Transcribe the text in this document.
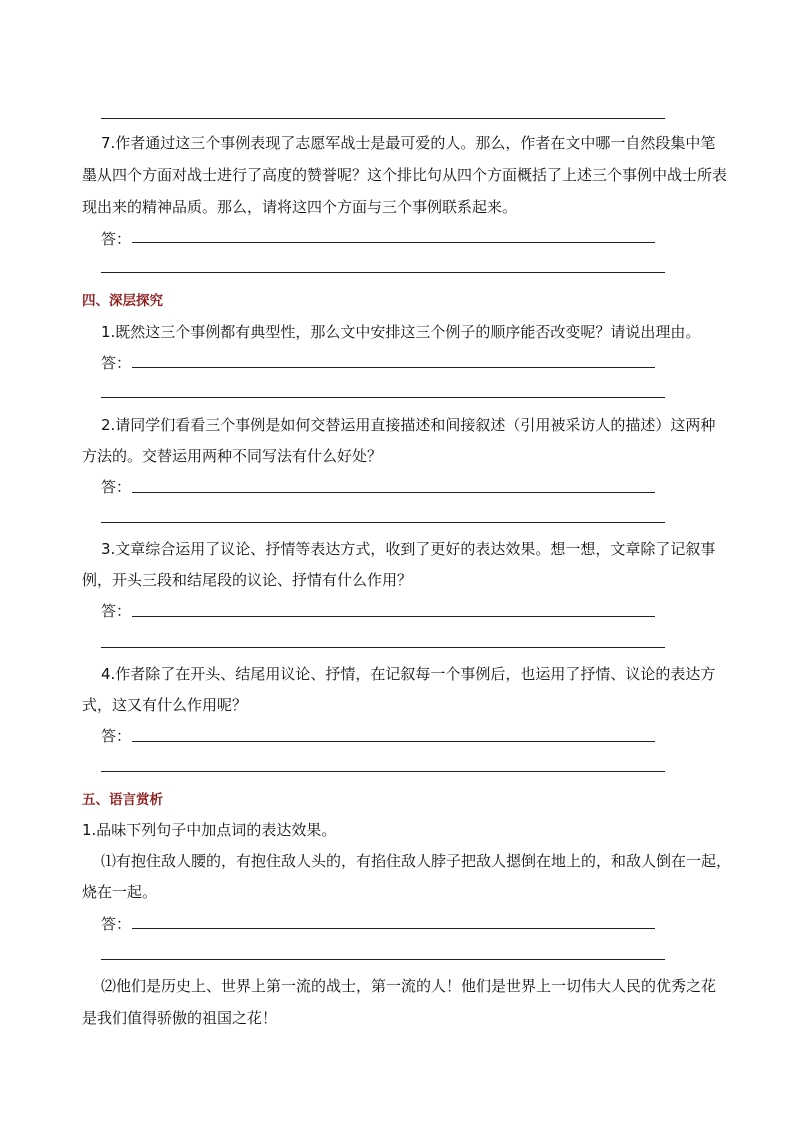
7.作者通过这三个事例表现了志愿军战士是最可爱的人。那么，作者在文中哪一自然段集中笔
墨从四个方面对战士进行了高度的赞誉呢？这个排比句从四个方面概括了上述三个事例中战士所表
现出来的精神品质。那么，请将这四个方面与三个事例联系起来。
答：
四、深层探究
1.既然这三个事例都有典型性，那么文中安排这三个例子的顺序能否改变呢？请说出理由。
答：
2.请同学们看看三个事例是如何交替运用直接描述和间接叙述（引用被采访人的描述）这两种
方法的。交替运用两种不同写法有什么好处？
答：
3.文章综合运用了议论、抒情等表达方式，收到了更好的表达效果。想一想，文章除了记叙事
例，开头三段和结尾段的议论、抒情有什么作用？
答：
4.作者除了在开头、结尾用议论、抒情，在记叙每一个事例后，也运用了抒情、议论的表达方
式，这又有什么作用呢？
答：
五、语言赏析
1.品味下列句子中加点词的表达效果。
⑴有抱住敌人腰的，有抱住敌人头的，有掐住敌人脖子把敌人摁倒在地上的，和敌人倒在一起，
烧在一起。
答：
⑵他们是历史上、世界上第一流的战士，第一流的人！他们是世界上一切伟大人民的优秀之花
是我们值得骄傲的祖国之花！
